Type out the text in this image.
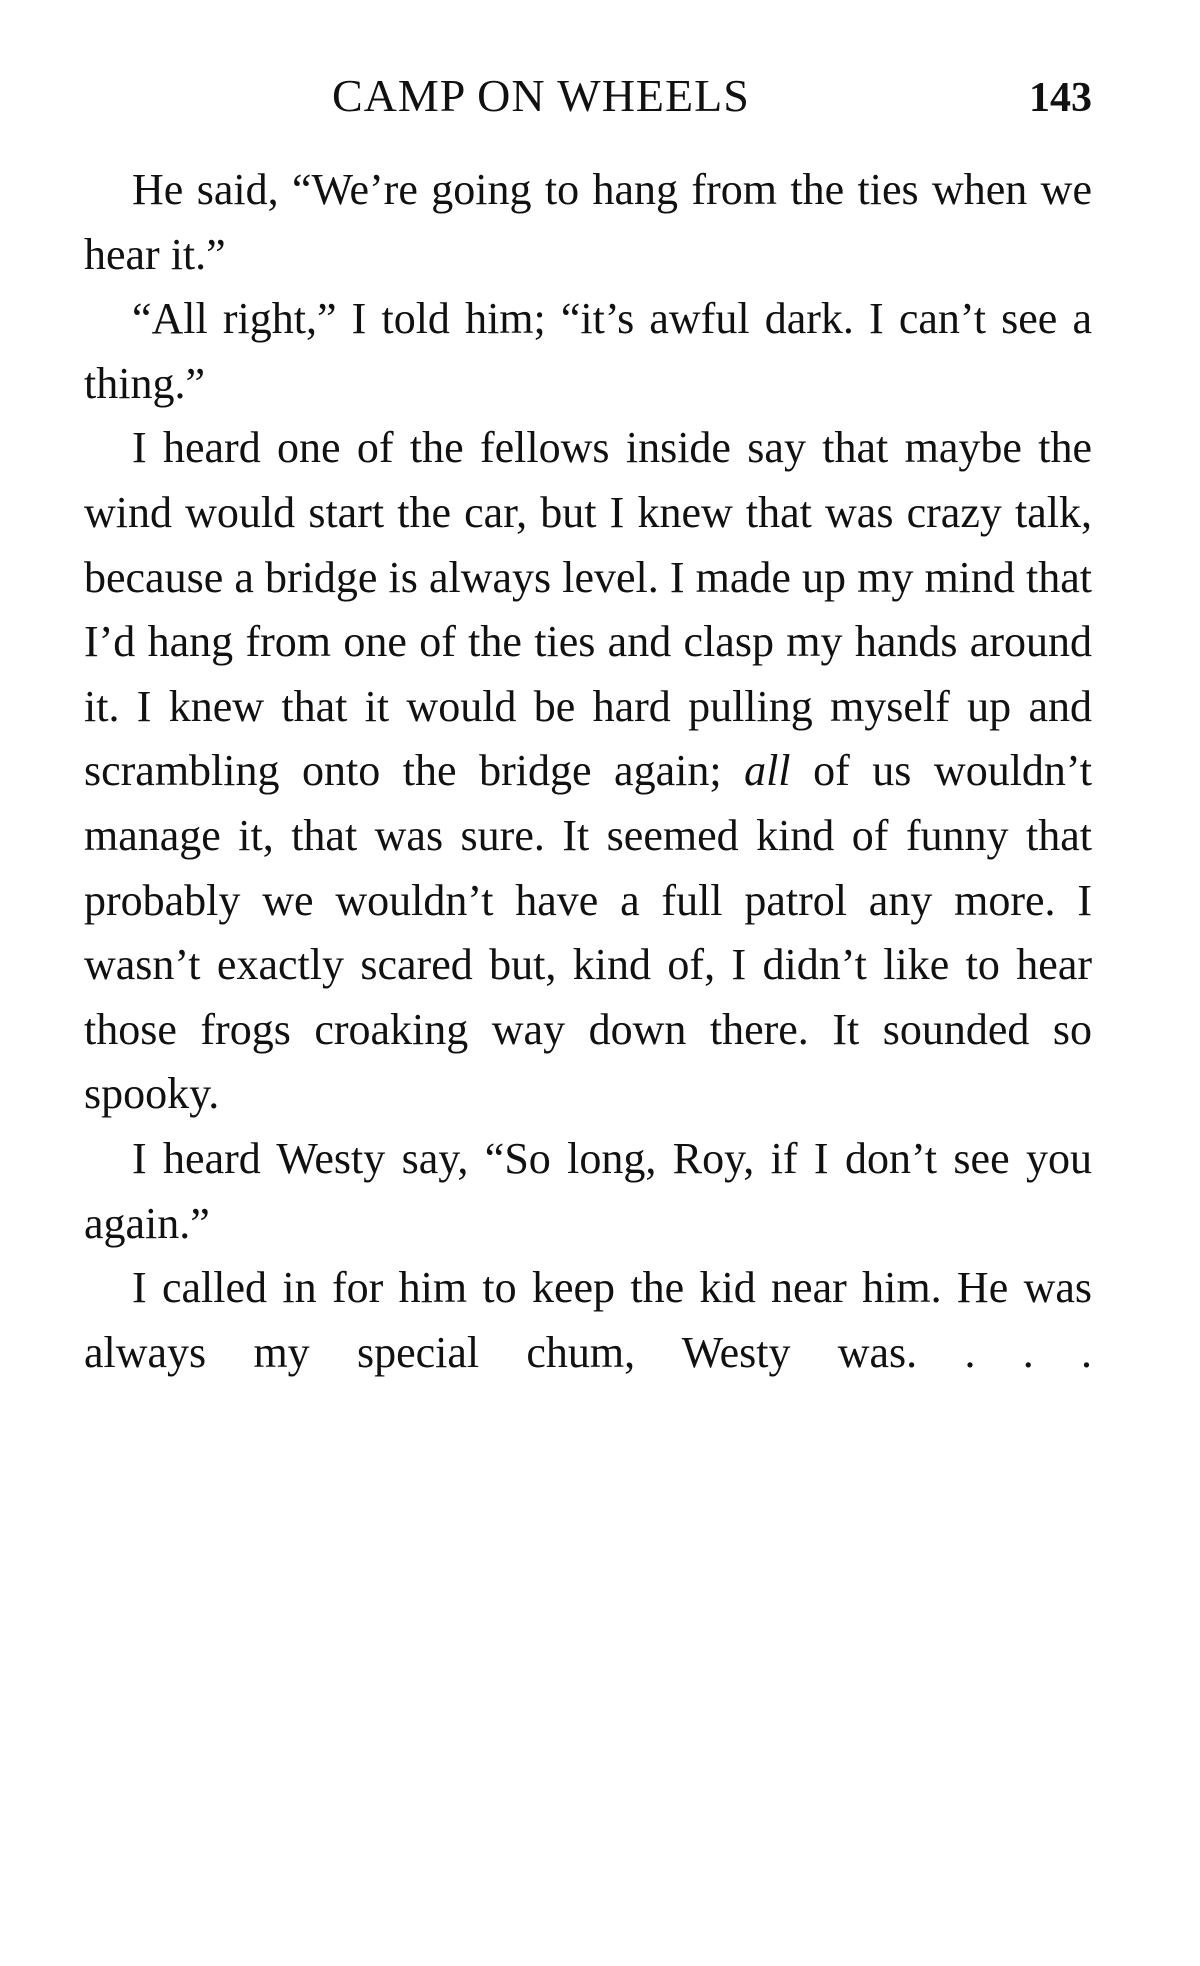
CAMP ON WHEELS	143

He said, “We’re going to hang from the ties when we hear it.”

“All right,” I told him; “it’s awful dark. I can’t see a thing.”

I heard one of the fellows inside say that maybe the wind would start the car, but I knew that was crazy talk, because a bridge is always level. I made up my mind that I’d hang from one of the ties and clasp my hands around it. I knew that it would be hard pulling myself up and scrambling onto the bridge again; all of us wouldn’t manage it, that was sure. It seemed kind of funny that probably we wouldn’t have a full patrol any more. I wasn’t exactly scared but, kind of, I didn’t like to hear those frogs croaking way down there. It sounded so spooky.

I heard Westy say, “So long, Roy, if I don’t see you again.”

I called in for him to keep the kid near him. He was always my special chum, Westy was. . . .
